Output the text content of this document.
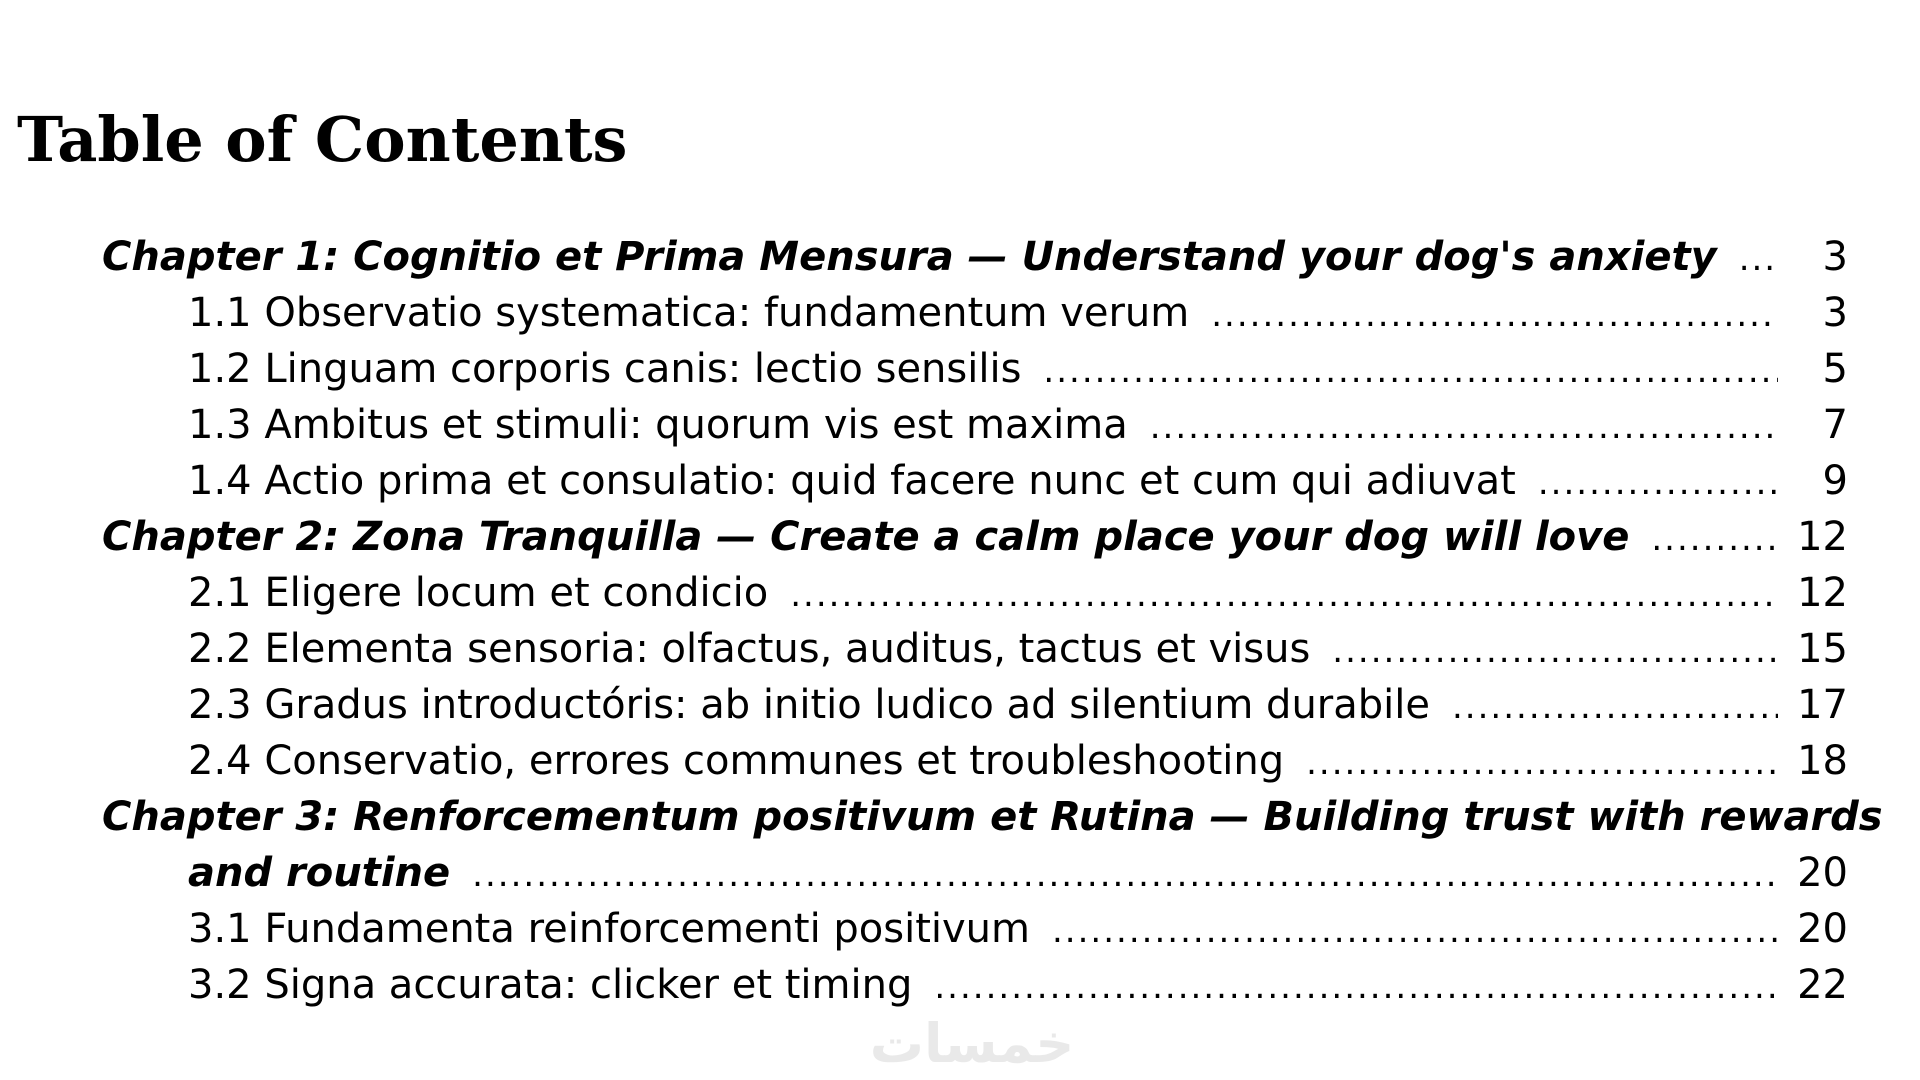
Table of Contents
Chapter 1: Cognitio et Prima Mensura — Understand your dog's anxiety .....	3
1.1 Observatio systematica: fundamentum verum .....	3
1.2 Linguam corporis canis: lectio sensilis .....	5
1.3 Ambitus et stimuli: quorum vis est maxima .....	7
1.4 Actio prima et consulatio: quid facere nunc et cum qui adiuvat .....	9
Chapter 2: Zona Tranquilla — Create a calm place your dog will love .....	12
2.1 Eligere locum et condicio .....	12
2.2 Elementa sensoria: olfactus, auditus, tactus et visus .....	15
2.3 Gradus introductóris: ab initio ludico ad silentium durabile .....	17
2.4 Conservatio, errores communes et troubleshooting .....	18
Chapter 3: Renforcementum positivum et Rutina — Building trust with rewards
and routine .....	20
3.1 Fundamenta reinforcementi positivum .....	20
3.2 Signa accurata: clicker et timing .....	22
خمسات
